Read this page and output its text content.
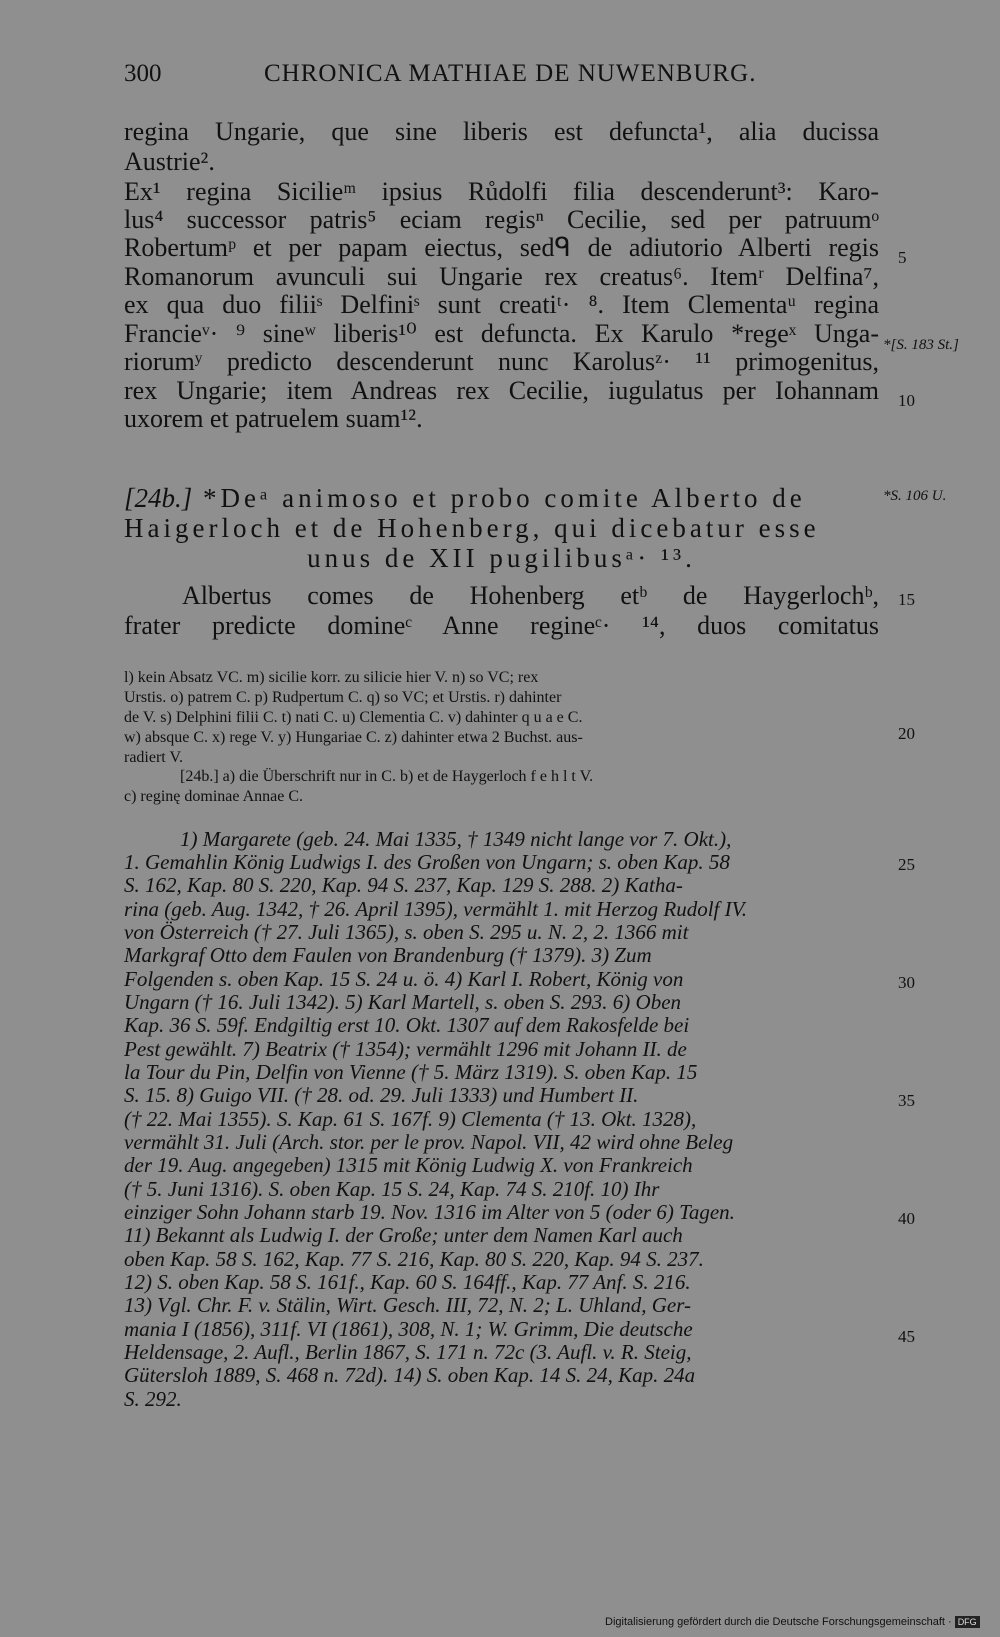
300	CHRONICA MATHIAE DE NUWENBURG.
regina Ungarie, que sine liberis est defuncta¹, alia ducissa
Austrie².
Ex¹ regina Sicilieᵐ ipsius Růdolfi filia descenderunt³: Karo-
lus⁴ successor patris⁵ eciam regisⁿ Cecilie, sed per patruumᵒ
Robertumᵖ et per papam eiectus, sedᑫ de adiutorio Alberti regis
Romanorum avunculi sui Ungarie rex creatus⁶. Itemʳ Delfina⁷,
ex qua duo filiiˢ Delfiniˢ sunt creatiᵗ· ⁸. Item Clementaᵘ regina
Francieᵛ· ⁹ sineʷ liberis¹⁰ est defuncta. Ex Karulo *regeˣ Unga-
riorumʸ predicto descenderunt nunc Karolusᶻ· ¹¹ primogenitus,
rex Ungarie; item Andreas rex Cecilie, iugulatus per Iohannam
uxorem et patruelem suam¹².
5
10
15
20
25
30
35
40
45
*[S. 183 St.]
*S. 106 U.
[24b.] *Deᵃ animoso et probo comite Alberto de
Haigerloch et de Hohenberg, qui dicebatur esse
unus de XII pugilibusᵃ· ¹³.
Albertus comes de Hohenberg etᵇ de Haygerlochᵇ,
frater predicte domineᶜ Anne regineᶜ· ¹⁴, duos comitatus
l) kein Absatz VC. m) sicilie korr. zu silicie hier V. n) so VC; rex
Urstis. o) patrem C. p) Rudpertum C. q) so VC; et Urstis. r) dahinter
de V. s) Delphini filii C. t) nati C. u) Clementia C. v) dahinter q u a e C.
w) absque C. x) rege V. y) Hungariae C. z) dahinter etwa 2 Buchst. aus-
radiert V.
[24b.] a) die Überschrift nur in C. b) et de Haygerloch f e h l t V.
c) reginę dominae Annae C.
1) Margarete (geb. 24. Mai 1335, † 1349 nicht lange vor 7. Okt.),
1. Gemahlin König Ludwigs I. des Großen von Ungarn; s. oben Kap. 58
S. 162, Kap. 80 S. 220, Kap. 94 S. 237, Kap. 129 S. 288. 2) Katha-
rina (geb. Aug. 1342, † 26. April 1395), vermählt 1. mit Herzog Rudolf IV.
von Österreich († 27. Juli 1365), s. oben S. 295 u. N. 2, 2. 1366 mit
Markgraf Otto dem Faulen von Brandenburg († 1379). 3) Zum
Folgenden s. oben Kap. 15 S. 24 u. ö. 4) Karl I. Robert, König von
Ungarn († 16. Juli 1342). 5) Karl Martell, s. oben S. 293. 6) Oben
Kap. 36 S. 59f. Endgiltig erst 10. Okt. 1307 auf dem Rakosfelde bei
Pest gewählt. 7) Beatrix († 1354); vermählt 1296 mit Johann II. de
la Tour du Pin, Delfin von Vienne († 5. März 1319). S. oben Kap. 15
S. 15. 8) Guigo VII. († 28. od. 29. Juli 1333) und Humbert II.
(† 22. Mai 1355). S. Kap. 61 S. 167f. 9) Clementa († 13. Okt. 1328),
vermählt 31. Juli (Arch. stor. per le prov. Napol. VII, 42 wird ohne Beleg
der 19. Aug. angegeben) 1315 mit König Ludwig X. von Frankreich
(† 5. Juni 1316). S. oben Kap. 15 S. 24, Kap. 74 S. 210f. 10) Ihr
einziger Sohn Johann starb 19. Nov. 1316 im Alter von 5 (oder 6) Tagen.
11) Bekannt als Ludwig I. der Große; unter dem Namen Karl auch
oben Kap. 58 S. 162, Kap. 77 S. 216, Kap. 80 S. 220, Kap. 94 S. 237.
12) S. oben Kap. 58 S. 161f., Kap. 60 S. 164ff., Kap. 77 Anf. S. 216.
13) Vgl. Chr. F. v. Stälin, Wirt. Gesch. III, 72, N. 2; L. Uhland, Ger-
mania I (1856), 311f. VI (1861), 308, N. 1; W. Grimm, Die deutsche
Heldensage, 2. Aufl., Berlin 1867, S. 171 n. 72c (3. Aufl. v. R. Steig,
Gütersloh 1889, S. 468 n. 72d). 14) S. oben Kap. 14 S. 24, Kap. 24a
S. 292.
Digitalisierung gefördert durch die Deutsche Forschungsgemeinschaft · DFG
